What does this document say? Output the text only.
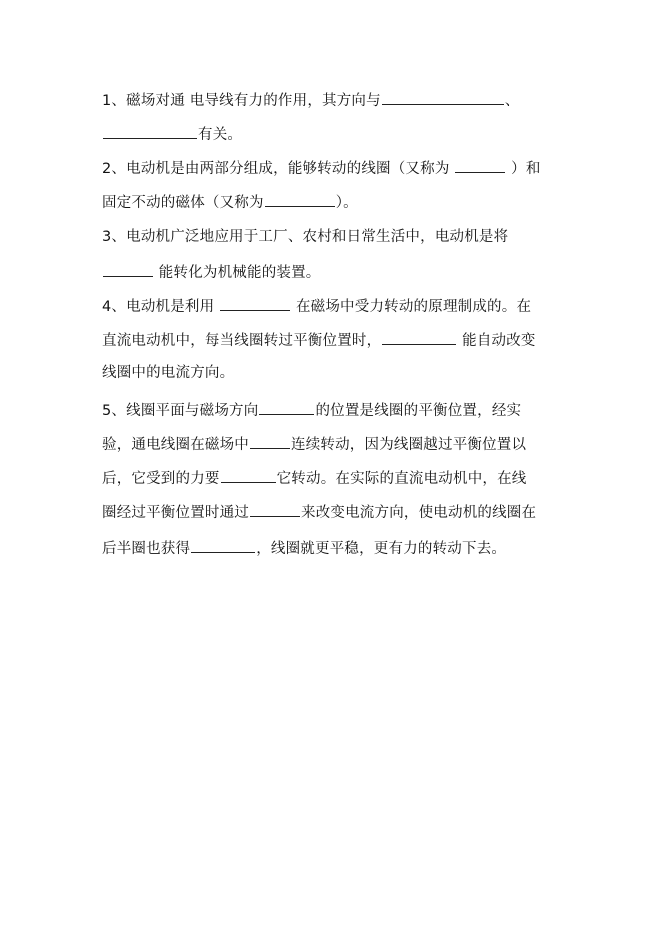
1、磁场对通 电导线有力的作用，其方向与	、
有关。
2、电动机是由两部分组成，能够转动的线圈（又称为	）和
固定不动的磁体（又称为	）。
3、电动机广泛地应用于工厂、农村和日常生活中，电动机是将
能转化为机械能的装置。
4、电动机是利用	在磁场中受力转动的原理制成的。在
直流电动机中，每当线圈转过平衡位置时，	能自动改变
线圈中的电流方向。
5、线圈平面与磁场方向	的位置是线圈的平衡位置，经实
验，通电线圈在磁场中	连续转动，因为线圈越过平衡位置以
后，它受到的力要	它转动。在实际的直流电动机中，在线
圈经过平衡位置时通过	来改变电流方向，使电动机的线圈在
后半圈也获得	，线圈就更平稳，更有力的转动下去。
